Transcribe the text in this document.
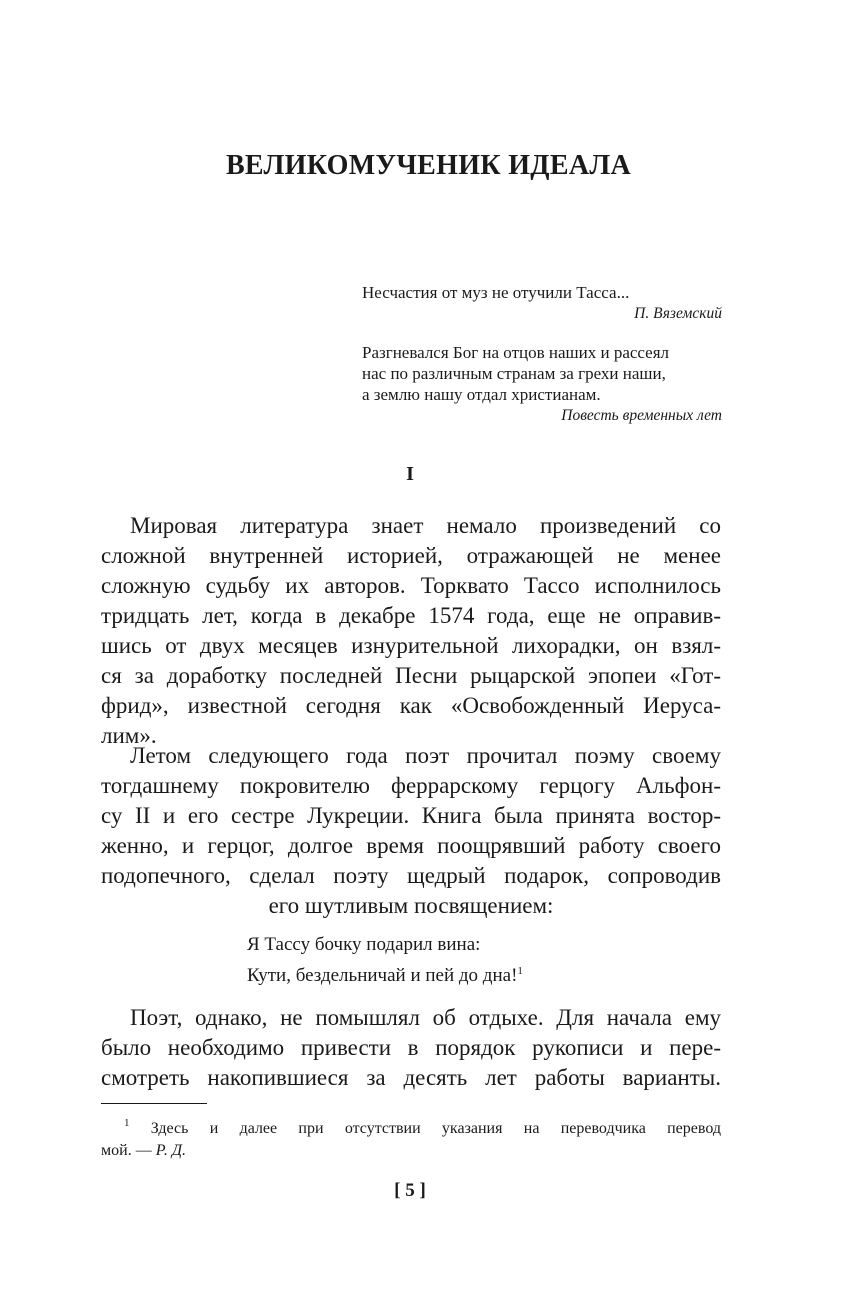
ВЕЛИКОМУЧЕНИК ИДЕАЛА
Несчастия от муз не отучили Тасса...
П. Вяземский
Разгневался Бог на отцов наших и рассеял
нас по различным странам за грехи наши,
а землю нашу отдал христианам.
Повесть временных лет
I
Мировая литература знает немало произведений со
сложной внутренней историей, отражающей не менее
сложную судьбу их авторов. Торквато Тассо исполнилось
тридцать лет, когда в декабре 1574 года, еще не оправив-
шись от двух месяцев изнурительной лихорадки, он взял-
ся за доработку последней Песни рыцарской эпопеи «Гот-
фрид», известной сегодня как «Освобожденный Иеруса-
лим».
Летом следующего года поэт прочитал поэму своему
тогдашнему покровителю феррарскому герцогу Альфон-
су II и его сестре Лукреции. Книга была принята востор-
женно, и герцог, долгое время поощрявший работу своего
подопечного, сделал поэту щедрый подарок, сопроводив
его шутливым посвящением:
Я Тассу бочку подарил вина:
Кути, бездельничай и пей до дна!$^1$
Поэт, однако, не помышлял об отдыхе. Для начала ему
было необходимо привести в порядок рукописи и пере-
смотреть накопившиеся за десять лет работы варианты.
$^1$ Здесь и далее при отсутствии указания на переводчика перевод
мой. — Р. Д.
[ 5 ]
